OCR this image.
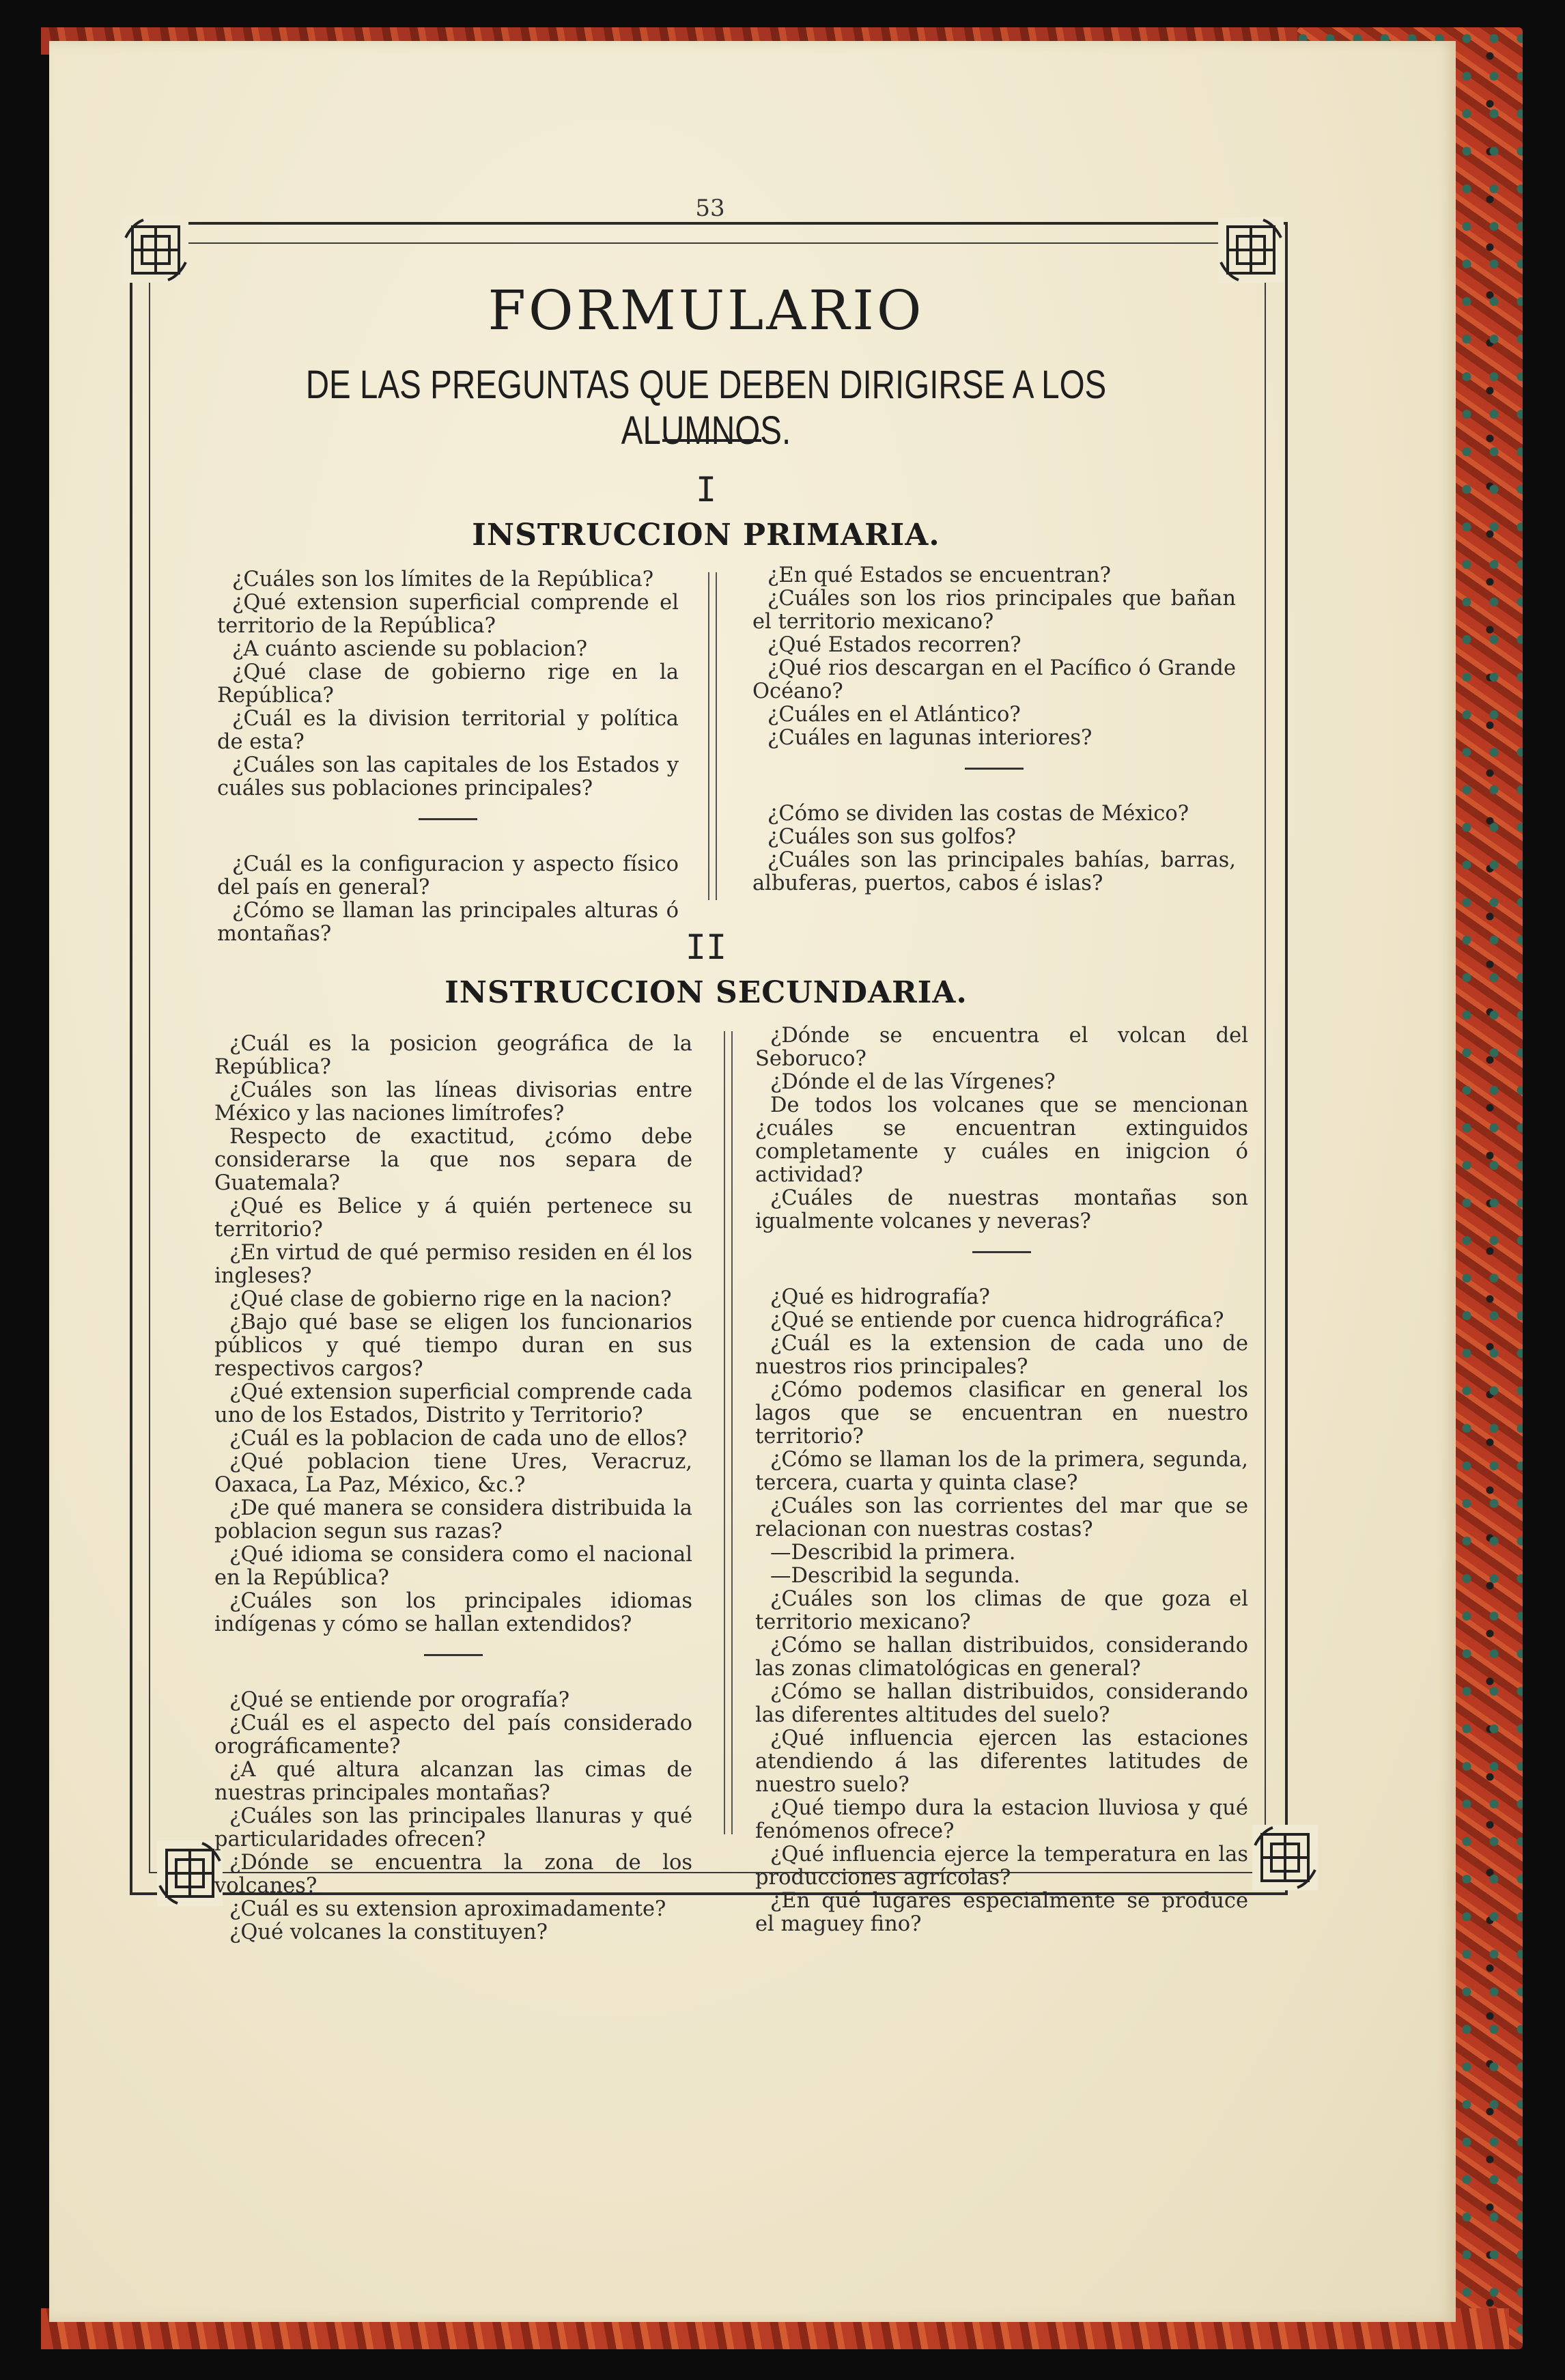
53
FORMULARIO
DE LAS PREGUNTAS QUE DEBEN DIRIGIRSE A LOS ALUMNOS.
I
INSTRUCCION PRIMARIA.

¿Cuáles son los límites de la República?

¿Qué extension superficial comprende el territorio de la República?

¿A cuánto asciende su poblacion?

¿Qué clase de gobierno rige en la República?

¿Cuál es la division territorial y política de esta?

¿Cuáles son las capitales de los Estados y cuáles sus poblaciones principales?

¿Cuál es la configuracion y aspecto físico del país en general?

¿Cómo se llaman las principales alturas ó montañas?

¿En qué Estados se encuentran?

¿Cuáles son los rios principales que bañan el territorio mexicano?

¿Qué Estados recorren?

¿Qué rios descargan en el Pacífico ó Grande Océano?

¿Cuáles en el Atlántico?

¿Cuáles en lagunas interiores?

¿Cómo se dividen las costas de México?

¿Cuáles son sus golfos?

¿Cuáles son las principales bahías, barras, albuferas, puertos, cabos é islas?

II
INSTRUCCION SECUNDARIA.

¿Cuál es la posicion geográfica de la República?

¿Cuáles son las líneas divisorias entre México y las naciones limítrofes?

Respecto de exactitud, ¿cómo debe considerarse la que nos separa de Guatemala?

¿Qué es Belice y á quién pertenece su territorio?

¿En virtud de qué permiso residen en él los ingleses?

¿Qué clase de gobierno rige en la nacion?

¿Bajo qué base se eligen los funcionarios públicos y qué tiempo duran en sus respectivos cargos?

¿Qué extension superficial comprende cada uno de los Estados, Distrito y Territorio?

¿Cuál es la poblacion de cada uno de ellos?

¿Qué poblacion tiene Ures, Veracruz, Oaxaca, La Paz, México, &c.?

¿De qué manera se considera distribuida la poblacion segun sus razas?

¿Qué idioma se considera como el nacional en la República?

¿Cuáles son los principales idiomas indígenas y cómo se hallan extendidos?

¿Qué se entiende por orografía?

¿Cuál es el aspecto del país considerado orográficamente?

¿A qué altura alcanzan las cimas de nuestras principales montañas?

¿Cuáles son las principales llanuras y qué particularidades ofrecen?

¿Dónde se encuentra la zona de los volcanes?

¿Cuál es su extension aproximadamente?

¿Qué volcanes la constituyen?

¿Dónde se encuentra el volcan del Seboruco?

¿Dónde el de las Vírgenes?

De todos los volcanes que se mencionan ¿cuáles se encuentran extinguidos completamente y cuáles en inigcion ó actividad?

¿Cuáles de nuestras montañas son igualmente volcanes y neveras?

¿Qué es hidrografía?

¿Qué se entiende por cuenca hidrográfica?

¿Cuál es la extension de cada uno de nuestros rios principales?

¿Cómo podemos clasificar en general los lagos que se encuentran en nuestro territorio?

¿Cómo se llaman los de la primera, segunda, tercera, cuarta y quinta clase?

¿Cuáles son las corrientes del mar que se relacionan con nuestras costas?

—Describid la primera.

—Describid la segunda.

¿Cuáles son los climas de que goza el territorio mexicano?

¿Cómo se hallan distribuidos, considerando las zonas climatológicas en general?

¿Cómo se hallan distribuidos, considerando las diferentes altitudes del suelo?

¿Qué influencia ejercen las estaciones atendiendo á las diferentes latitudes de nuestro suelo?

¿Qué tiempo dura la estacion lluviosa y qué fenómenos ofrece?

¿Qué influencia ejerce la temperatura en las producciones agrícolas?

¿En qué lugares especialmente se produce el maguey fino?
